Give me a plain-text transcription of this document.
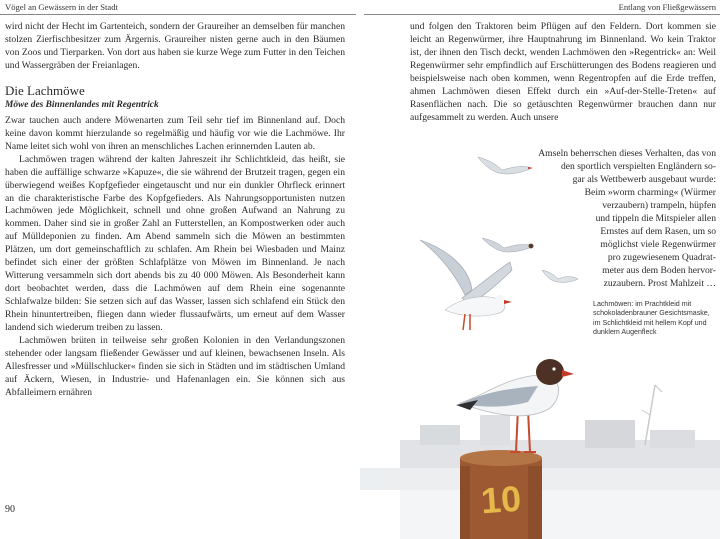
Vögel an Gewässern in der Stadt

wird nicht der Hecht im Gartenteich, sondern der Graureiher an demselben für manchen stolzen Zierfischbesitzer zum Ärgernis. Graureiher nisten gerne auch in den Bäumen von Zoos und Tierparken. Von dort aus haben sie kurze Wege zum Futter in den Teichen und Wassergräben der Freianlagen.

Die Lachmöwe
Möwe des Binnenlandes mit Regentrick

Zwar tauchen auch andere Möwenarten zum Teil sehr tief im Binnenland auf. Doch keine davon kommt hierzulande so regelmäßig und häufig vor wie die Lachmöwe. Ihr Name leitet sich wohl von ihren an menschliches Lachen erinnernden Lauten ab.

Lachmöwen tragen während der kalten Jahreszeit ihr Schlichtkleid, das heißt, sie haben die auffällige schwarze »Kapuze«, die sie während der Brutzeit tragen, gegen ein überwiegend weißes Kopfgefieder eingetauscht und nur ein dunkler Ohrfleck erinnert an die charakteristische Farbe des Kopfgefieders. Als Nahrungsopportunisten nutzen Lachmöwen jede Möglichkeit, schnell und ohne großen Aufwand an Nahrung zu kommen. Daher sind sie in großer Zahl an Futterstellen, an Kompostwerken oder auch auf Mülldeponien zu finden. Am Abend sammeln sich die Möwen an bestimmten Plätzen, um dort gemeinschaftlich zu schlafen. Am Rhein bei Wiesbaden und Mainz befindet sich einer der größten Schlafplätze von Möwen im Binnenland. Je nach Witterung versammeln sich dort abends bis zu 40 000 Möwen. Als Besonderheit kann dort beobachtet werden, dass die Lachmöwen auf dem Rhein eine sogenannte Schlafwalze bilden: Sie setzen sich auf das Wasser, lassen sich schlafend ein Stück den Rhein hinuntertreiben, fliegen dann wieder flussaufwärts, um erneut auf dem Wasser landend sich wiederum treiben zu lassen.

Lachmöwen brüten in teilweise sehr großen Kolonien in den Verlandungszonen stehender oder langsam fließender Gewässer und auf kleinen, bewachsenen Inseln. Als Allesfresser und »Müllschlucker« finden sie sich in Städten und im städtischen Umland auf Äckern, Wiesen, in Industrie- und Hafenanlagen ein. Sie können sich aus Abfalleimern ernähren

90
Entlang von Fließgewässern
10

und folgen den Traktoren beim Pflügen auf den Feldern. Dort kommen sie leicht an Regenwürmer, ihre Hauptnahrung im Binnenland. Wo kein Traktor ist, der ihnen den Tisch deckt, wenden Lachmöwen den »Regentrick« an: Weil Regenwürmer sehr empfindlich auf Erschütterungen des Bodens reagieren und beispielsweise nach oben kommen, wenn Regentropfen auf die Erde treffen, ahmen Lachmöwen diesen Effekt durch ein »Auf-der-Stelle-Treten« auf Rasenflächen nach. Die so getäuschten Regenwürmer brauchen dann nur aufgesammelt zu werden. Auch unsere

Amseln beherrschen dieses Verhalten, das von
den sportlich verspielten Engländern so-
gar als Wettbewerb ausgebaut wurde:
Beim »worm charming« (Würmer
verzaubern) trampeln, hüpfen
und tippeln die Mitspieler allen
Ernstes auf dem Rasen, um so
möglichst viele Regenwürmer
pro zugewiesenem Quadrat-
meter aus dem Boden hervor-
zuzaubern. Prost Mahlzeit …
Lachmöwen: im Prachtkleid mit schokoladenbrauner Gesichtsmaske, im Schlichtkleid mit hellem Kopf und dunklem Augenfleck
